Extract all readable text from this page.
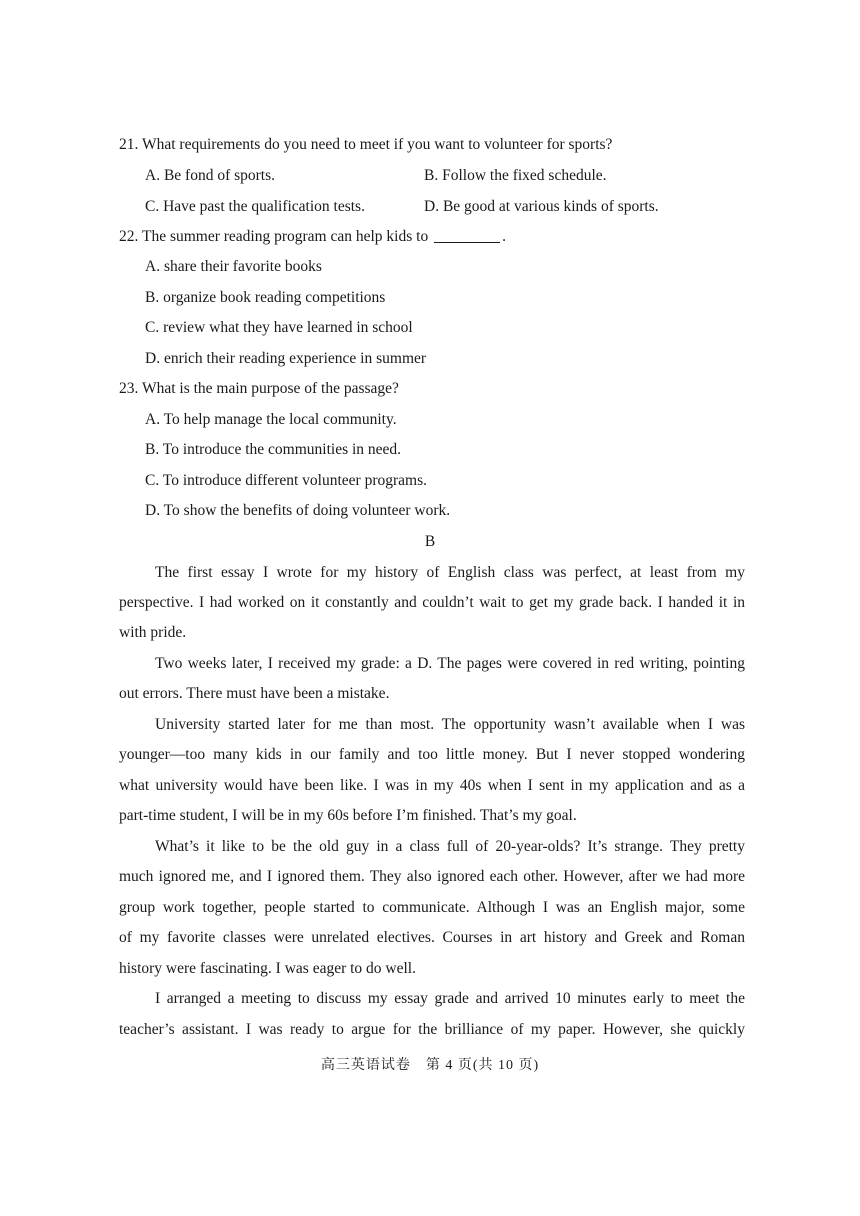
21. What requirements do you need to meet if you want to volunteer for sports?
A. Be fond of sports.	B. Follow the fixed schedule.
C. Have past the qualification tests.	D. Be good at various kinds of sports.
22. The summer reading program can help kids to	.
A. share their favorite books
B. organize book reading competitions
C. review what they have learned in school
D. enrich their reading experience in summer
23. What is the main purpose of the passage?
A. To help manage the local community.
B. To introduce the communities in need.
C. To introduce different volunteer programs.
D. To show the benefits of doing volunteer work.
B
The first essay I wrote for my history of English class was perfect, at least from my
perspective. I had worked on it constantly and couldn’t wait to get my grade back. I handed it in
with pride.
Two weeks later, I received my grade: a D. The pages were covered in red writing, pointing
out errors. There must have been a mistake.
University started later for me than most. The opportunity wasn’t available when I was
younger—too many kids in our family and too little money. But I never stopped wondering
what university would have been like. I was in my 40s when I sent in my application and as a
part-time student, I will be in my 60s before I’m finished. That’s my goal.
What’s it like to be the old guy in a class full of 20-year-olds? It’s strange. They pretty
much ignored me, and I ignored them. They also ignored each other. However, after we had more
group work together, people started to communicate. Although I was an English major, some
of my favorite classes were unrelated electives. Courses in art history and Greek and Roman
history were fascinating. I was eager to do well.
I arranged a meeting to discuss my essay grade and arrived 10 minutes early to meet the
teacher’s assistant. I was ready to argue for the brilliance of my paper. However, she quickly
高三英语试卷　第 4 页(共 10 页)
